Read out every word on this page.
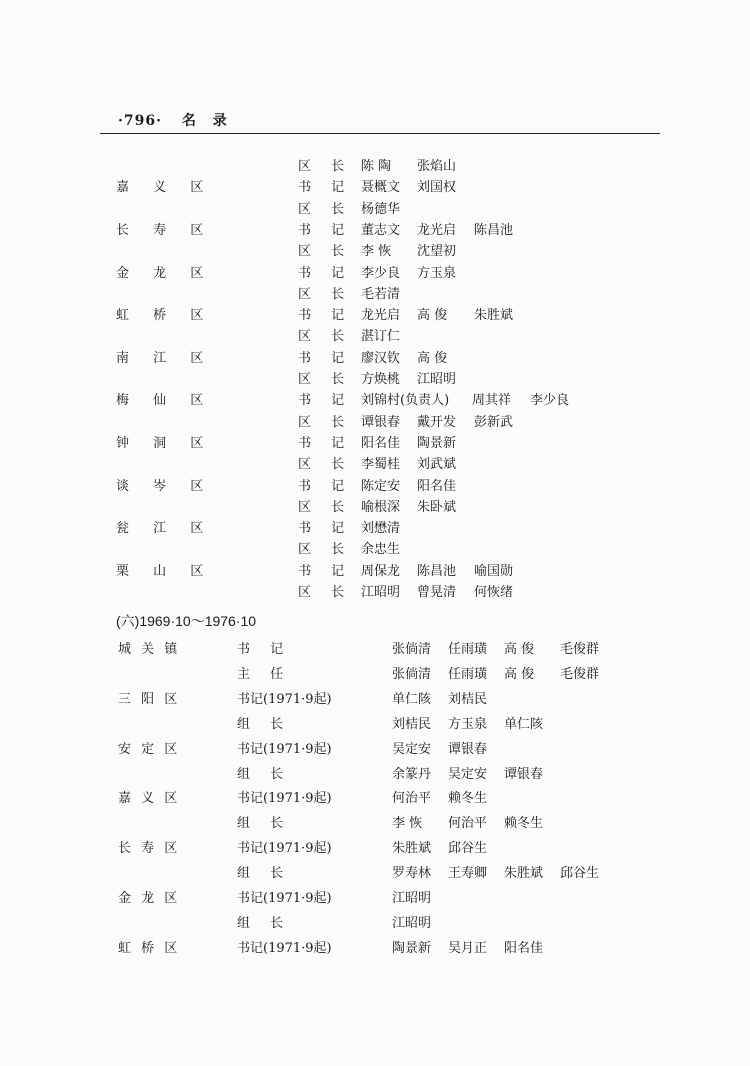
·796· 名 录
区 长 陈 陶 张焰山
嘉 义 区	书 记 聂概文 刘国权
区 长 杨德华
长 寿 区	书 记 董志文 龙光启 陈昌池
区 长 李 恢 沈望初
金 龙 区	书 记 李少良 方玉泉
区 长 毛若清
虹 桥 区	书 记 龙光启 高 俊 朱胜斌
区 长 湛订仁
南 江 区	书 记 廖汉钦 高 俊
区 长 方焕桃 江昭明
梅 仙 区	书 记 刘锦村(负责人) 周其祥 李少良
区 长 谭银春 戴开发 彭新武
钟 洞 区	书 记 阳名佳 陶景新
区 长 李蜀桂 刘武斌
谈 岑 区	书 记 陈定安 阳名佳
区 长 喻根深 朱卧斌
瓮 江 区	书 记 刘懋清
区 长 余忠生
栗 山 区	书 记 周保龙 陈昌池 喻国勋
区 长 江昭明 曾晃清 何恢绪
(六)1969·10～1976·10
城 关 镇	书 记	张倘清 任雨璜 高 俊 毛俊群
主 任	张倘清 任雨璜 高 俊 毛俊群
三 阳 区	书记(1971·9起)	单仁陔 刘桔民
组 长	刘桔民 方玉泉 单仁陔
安 定 区	书记(1971·9起)	吴定安 谭银春
组 长	余篆丹 吴定安 谭银春
嘉 义 区	书记(1971·9起)	何治平 赖冬生
组 长	李 恢 何治平 赖冬生
长 寿 区	书记(1971·9起)	朱胜斌 邱谷生
组 长	罗寿林 王寿卿 朱胜斌 邱谷生
金 龙 区	书记(1971·9起)	江昭明
组 长	江昭明
虹 桥 区	书记(1971·9起)	陶景新 吴月正 阳名佳
